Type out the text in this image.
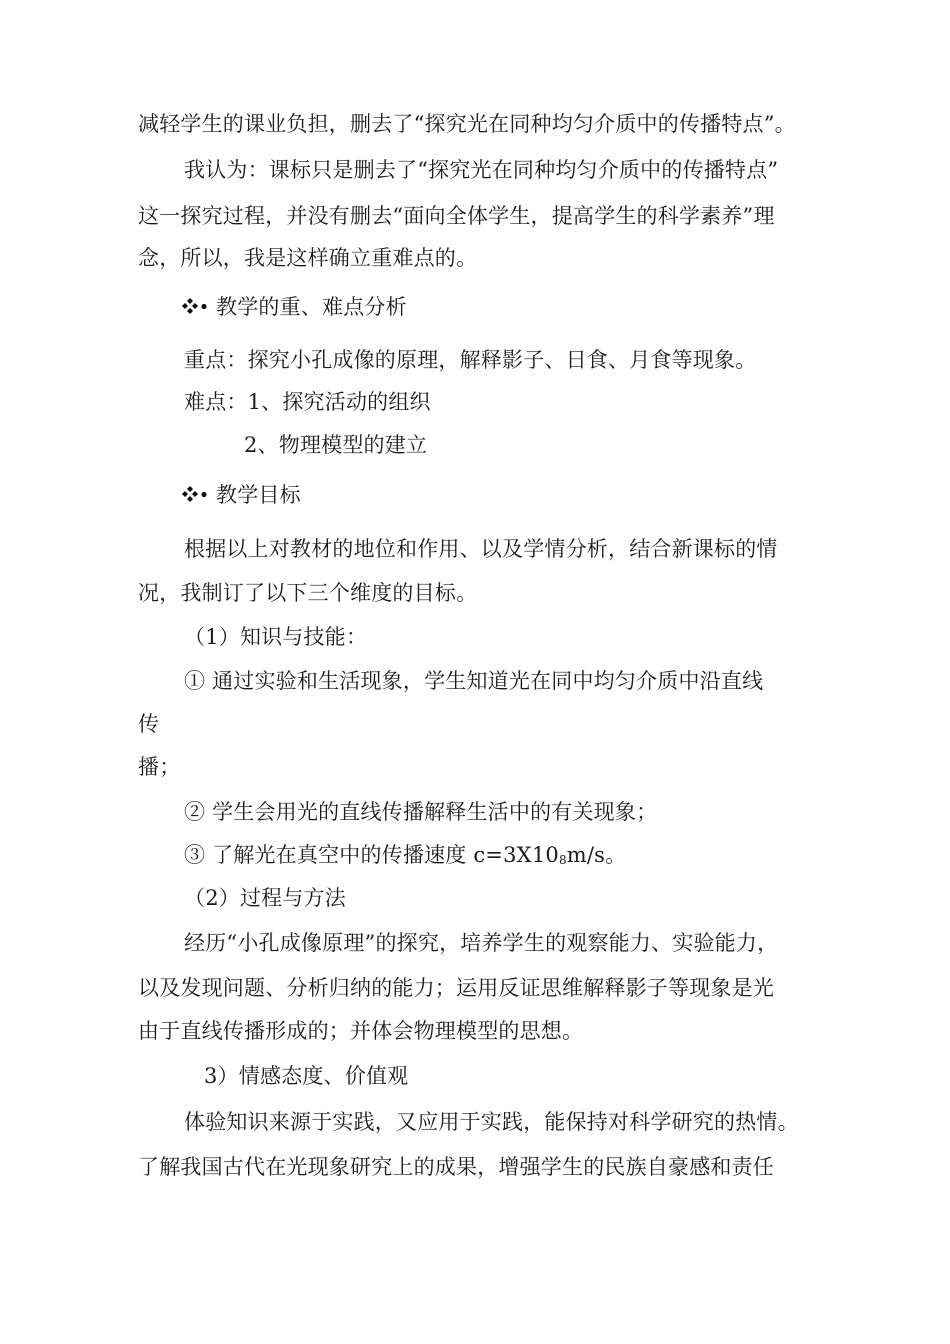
减轻学生的课业负担，删去了“探究光在同种均匀介质中的传播特点”。
我认为：课标只是删去了“探究光在同种均匀介质中的传播特点”
这一探究过程，并没有删去“面向全体学生，提高学生的科学素养”理
念，所以，我是这样确立重难点的。
教学的重、难点分析
重点：探究小孔成像的原理，解释影子、日食、月食等现象。
难点：1、探究活动的组织
2、物理模型的建立
教学目标
根据以上对教材的地位和作用、以及学情分析，结合新课标的情
况，我制订了以下三个维度的目标。
（1）知识与技能：
① 通过实验和生活现象，学生知道光在同中均匀介质中沿直线
传
播；
② 学生会用光的直线传播解释生活中的有关现象；
③ 了解光在真空中的传播速度 c=3X108m/s。
（2）过程与方法
经历“小孔成像原理”的探究，培养学生的观察能力、实验能力，
以及发现问题、分析归纳的能力；运用反证思维解释影子等现象是光
由于直线传播形成的；并体会物理模型的思想。
3）情感态度、价值观
体验知识来源于实践，又应用于实践，能保持对科学研究的热情。
了解我国古代在光现象研究上的成果，增强学生的民族自豪感和责任
